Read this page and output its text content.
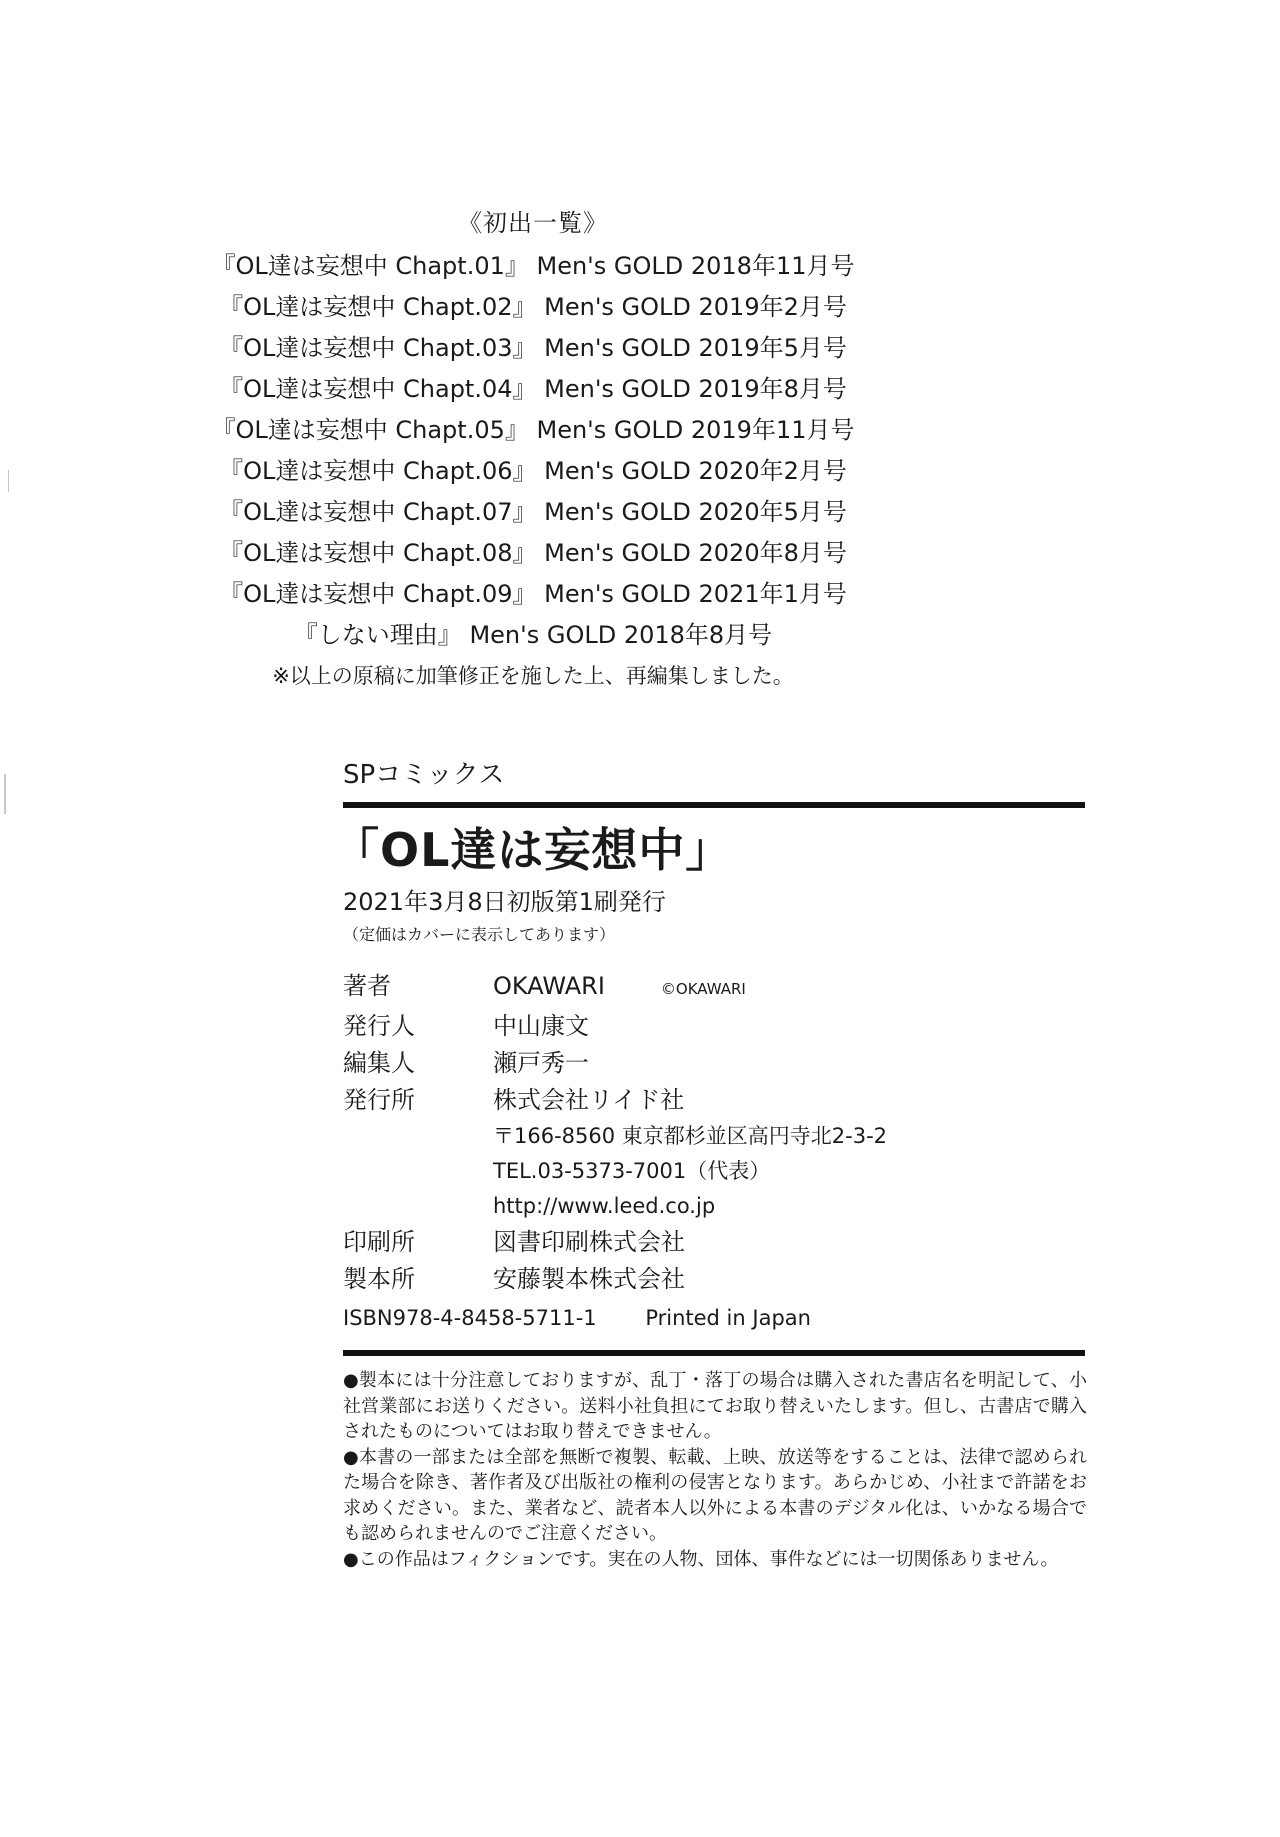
《初出一覧》
『OL達は妄想中 Chapt.01』 Men's GOLD 2018年11月号
『OL達は妄想中 Chapt.02』 Men's GOLD 2019年2月号
『OL達は妄想中 Chapt.03』 Men's GOLD 2019年5月号
『OL達は妄想中 Chapt.04』 Men's GOLD 2019年8月号
『OL達は妄想中 Chapt.05』 Men's GOLD 2019年11月号
『OL達は妄想中 Chapt.06』 Men's GOLD 2020年2月号
『OL達は妄想中 Chapt.07』 Men's GOLD 2020年5月号
『OL達は妄想中 Chapt.08』 Men's GOLD 2020年8月号
『OL達は妄想中 Chapt.09』 Men's GOLD 2021年1月号
『しない理由』 Men's GOLD 2018年8月号
※以上の原稿に加筆修正を施した上、再編集しました。
SPコミックス
「OL達は妄想中」
2021年3月8日初版第1刷発行
（定価はカバーに表示してあります）
著者	OKAWARI	©OKAWARI
発行人	中山康文
編集人	瀬戸秀一
発行所	株式会社リイド社
〒166-8560 東京都杉並区高円寺北2-3-2
TEL.03-5373-7001（代表）
http://www.leed.co.jp
印刷所	図書印刷株式会社
製本所	安藤製本株式会社
ISBN978-4-8458-5711-1 Printed in Japan

●製本には十分注意しておりますが、乱丁・落丁の場合は購入された書店名を明記して、小社営業部にお送りください。送料小社負担にてお取り替えいたします。但し、古書店で購入されたものについてはお取り替えできません。

●本書の一部または全部を無断で複製、転載、上映、放送等をすることは、法律で認められた場合を除き、著作者及び出版社の権利の侵害となります。あらかじめ、小社まで許諾をお求めください。また、業者など、読者本人以外による本書のデジタル化は、いかなる場合でも認められませんのでご注意ください。

●この作品はフィクションです。実在の人物、団体、事件などには一切関係ありません。
